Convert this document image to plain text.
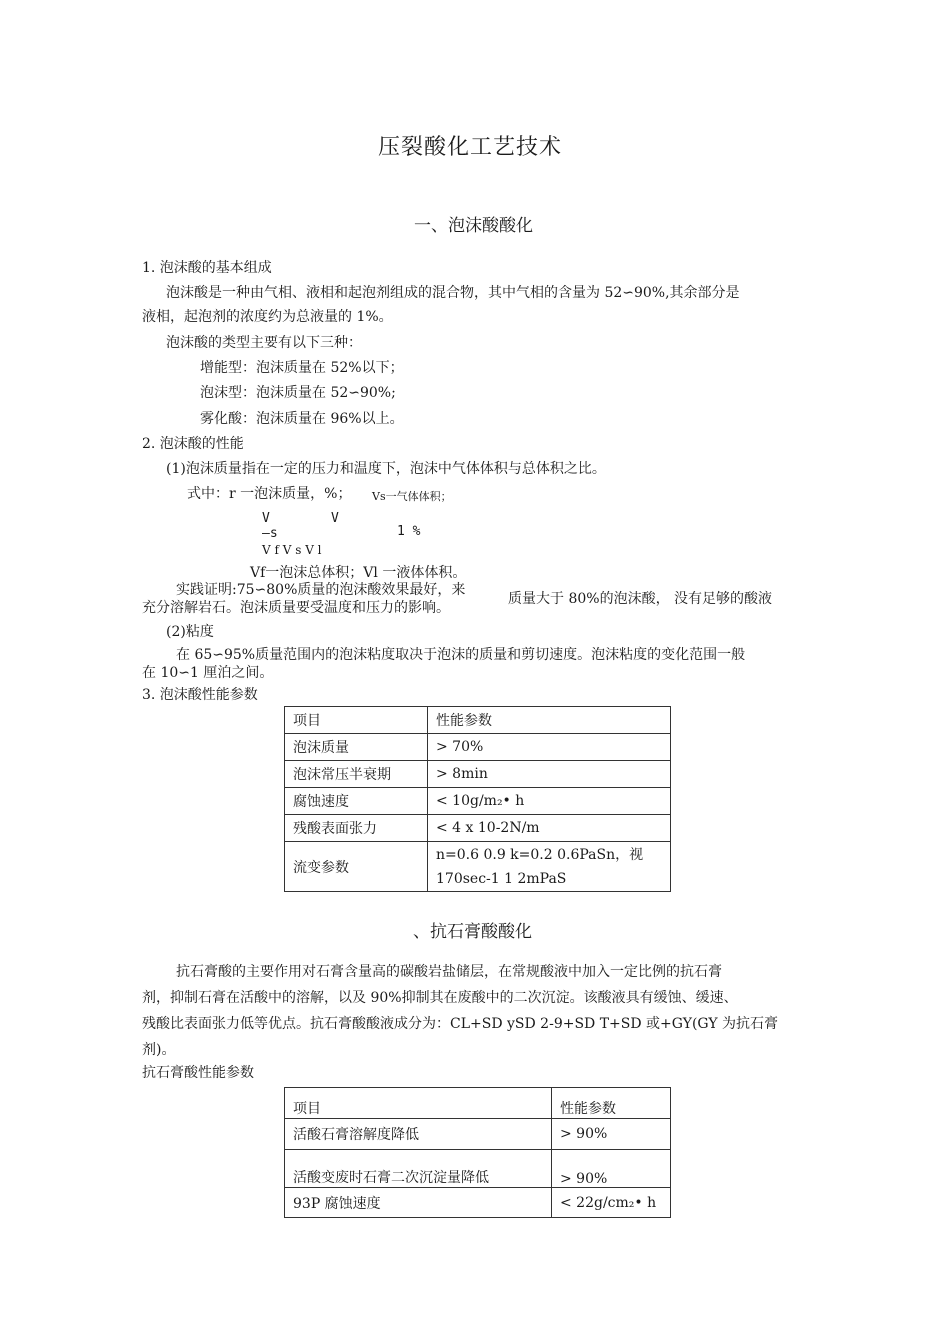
压裂酸化工艺技术
一、泡沫酸酸化
1. 泡沫酸的基本组成
泡沫酸是一种由气相、液相和起泡剂组成的混合物，其中气相的含量为 52∽90%,其余部分是
液相，起泡剂的浓度约为总液量的 1%。
泡沫酸的类型主要有以下三种：
增能型：泡沫质量在 52%以下；
泡沫型：泡沫质量在 52∽90%;
雾化酸：泡沫质量在 96%以上。
2. 泡沫酸的性能
(1)泡沫质量指在一定的压力和温度下，泡沫中气体体积与总体积之比。
式中：r 一泡沫质量，%； Vs一气体体积；
V	V
—s	1 %
V f V s V l
Vf一泡沫总体积；Vl 一液体体积。
实践证明:75∽80%质量的泡沫酸效果最好，来
充分溶解岩石。泡沫质量要受温度和压力的影响。
质量大于 80%的泡沫酸， 没有足够的酸液
(2)粘度
在 65∽95%质量范围内的泡沫粘度取决于泡沫的质量和剪切速度。泡沫粘度的变化范围一般
在 10∽1 厘泊之间。
3. 泡沫酸性能参数
项目	性能参数
泡沫质量	> 70%
泡沫常压半衰期	> 8min
腐蚀速度	< 10g/m₂• h
残酸表面张力	< 4 x 10-2N/m
流变参数	n=0.6 0.9 k=0.2 0.6PaSn，视
170sec-1 1 2mPaS
、抗石膏酸酸化
抗石膏酸的主要作用对石膏含量高的碳酸岩盐储层，在常规酸液中加入一定比例的抗石膏
剂，抑制石膏在活酸中的溶解，以及 90%抑制其在废酸中的二次沉淀。该酸液具有缓蚀、缓速、
残酸比表面张力低等优点。抗石膏酸酸液成分为：CL+SD ySD 2-9+SD T+SD 或+GY(GY 为抗石膏
剂)。
抗石膏酸性能参数
项目	性能参数
活酸石膏溶解度降低	> 90%
活酸变废时石膏二次沉淀量降低	> 90%
93P 腐蚀速度	< 22g/cm₂• h
